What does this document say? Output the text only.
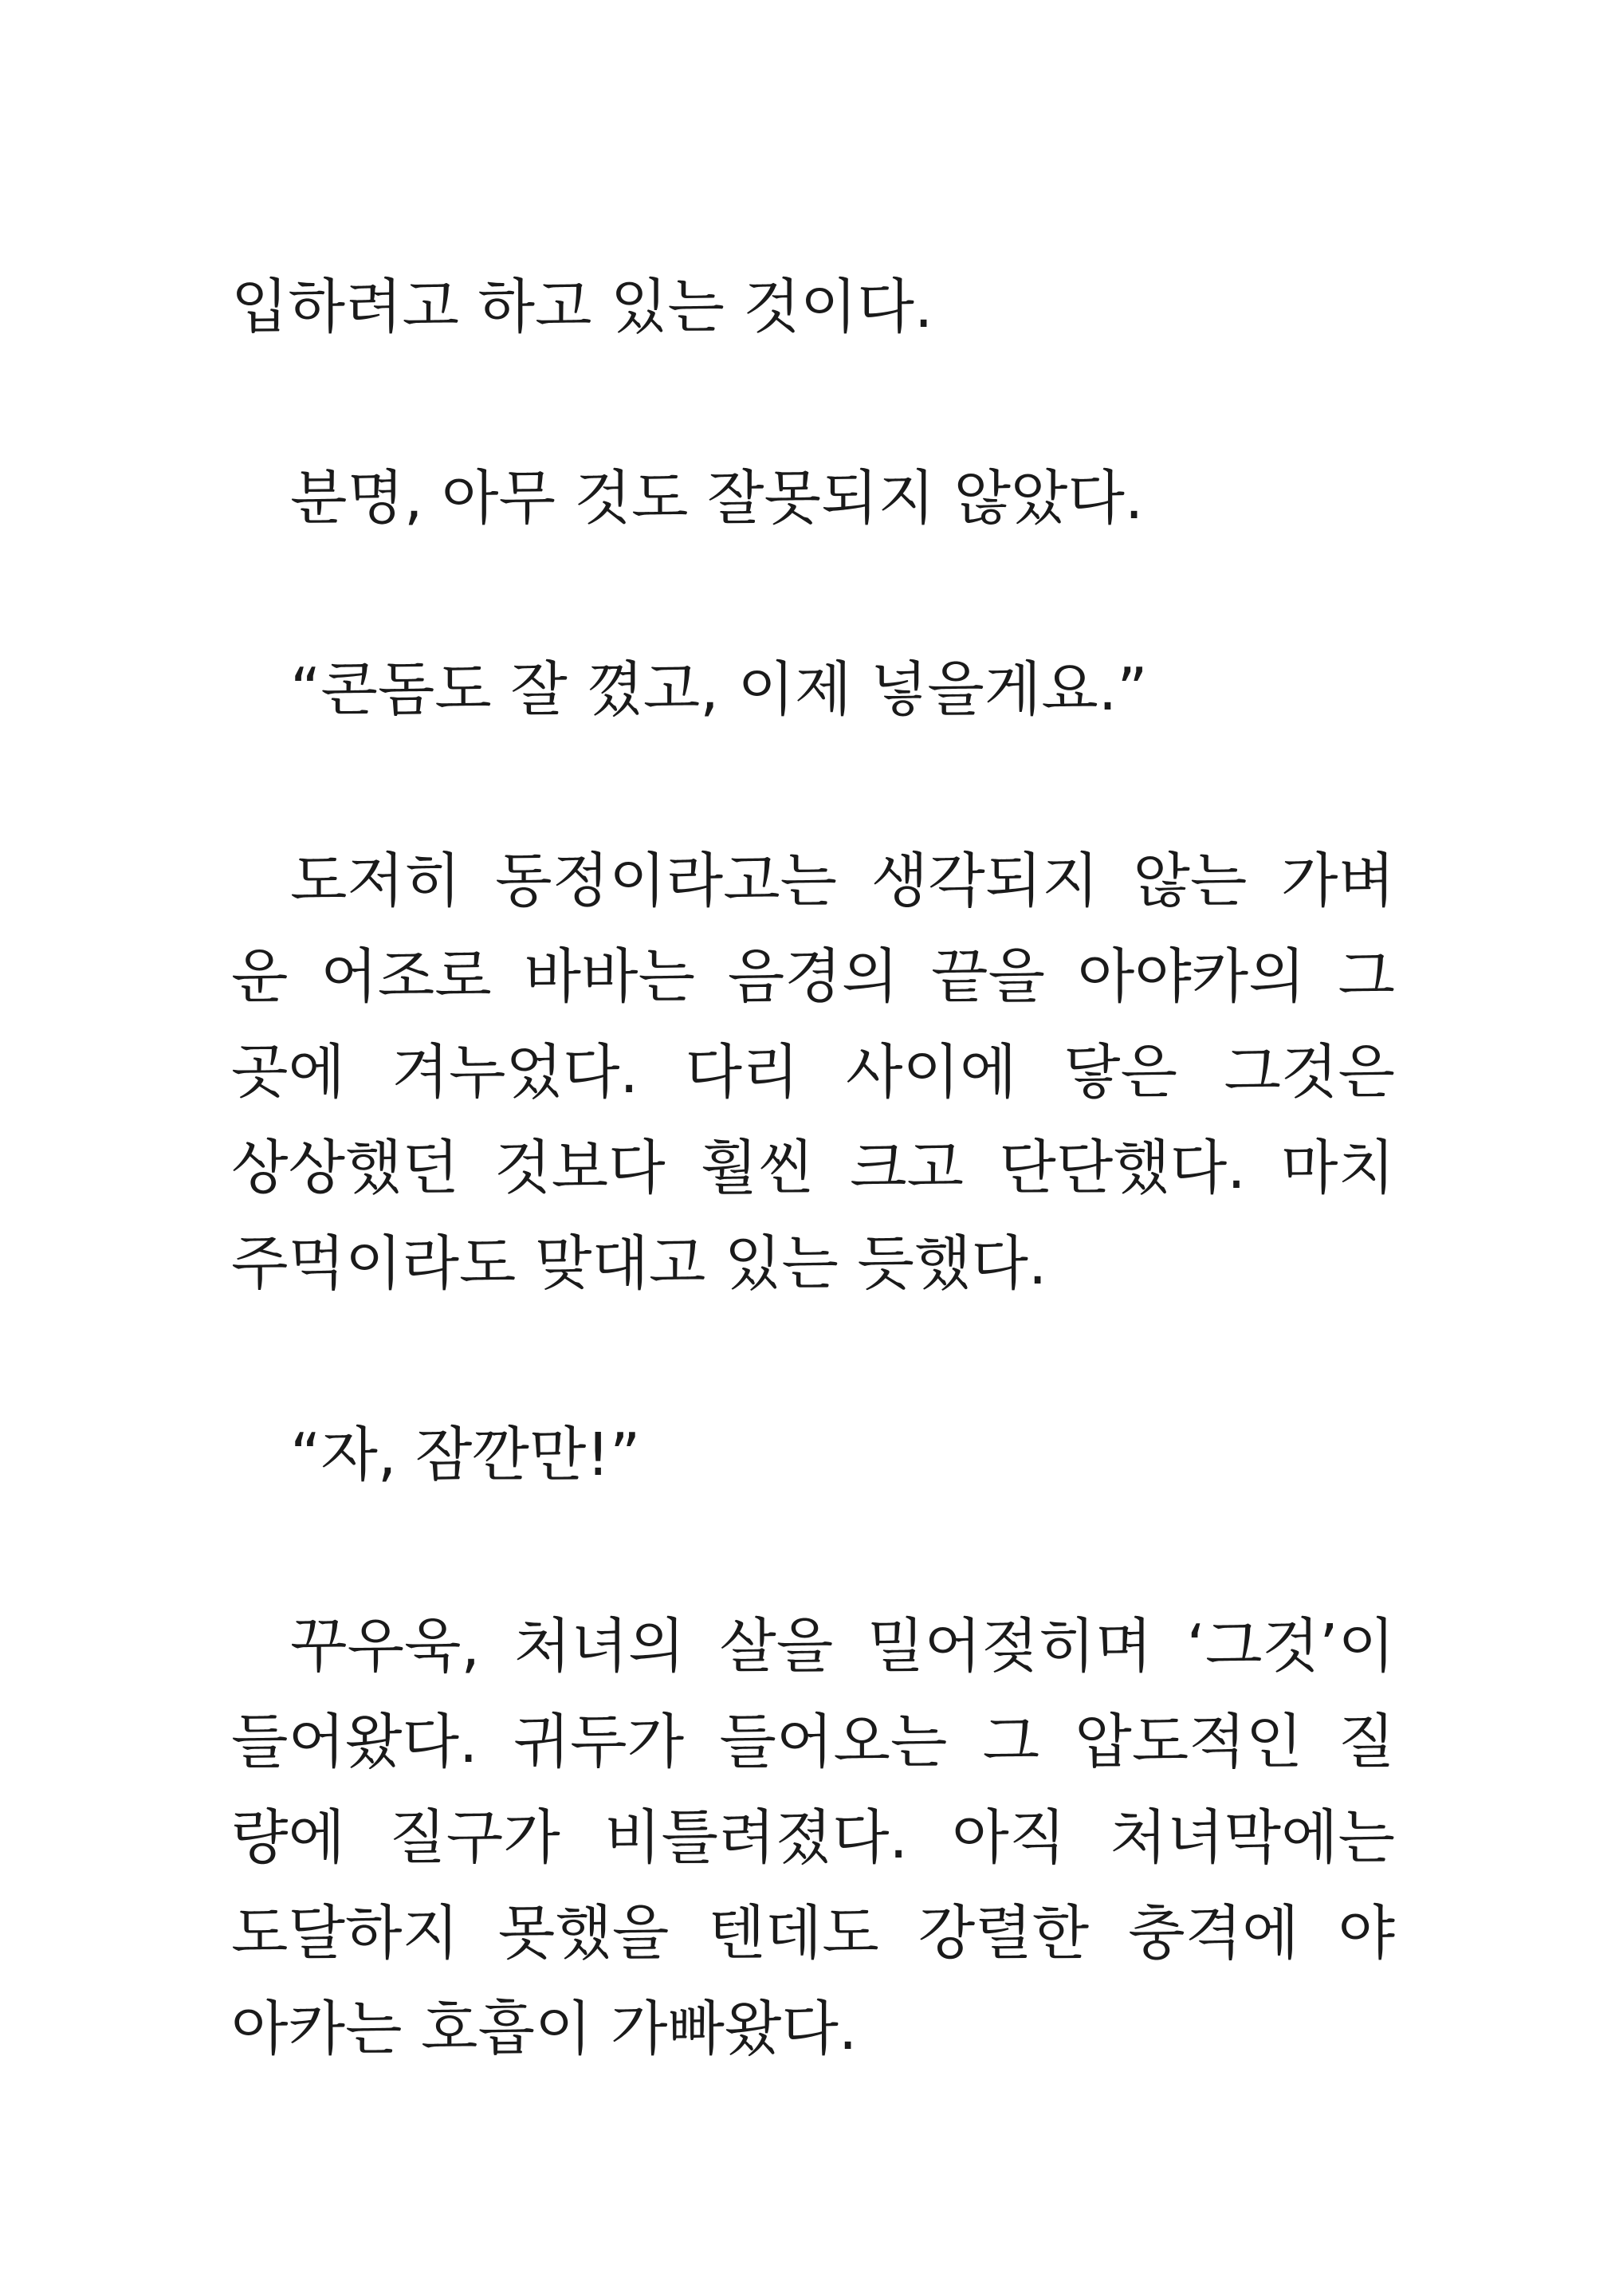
입하려고 하고 있는 것이다.
분명, 아무 것도 잘못되지 않았다.
“콘돔도 잘 꼈고, 이제 넣을게요.”
도저히 동정이라고는 생각되지 않는 가벼
운 어조로 바바는 음경의 끝을 아야카의 그
곳에 겨누었다. 다리 사이에 닿은 그것은
상상했던 것보다 훨씬 크고 단단했다. 마치
주먹이라도 맞대고 있는 듯했다.
“자, 잠깐만!”
꾸우욱, 처녀의 살을 밀어젖히며 ‘그것’이
들어왔다. 귀두가 들어오는 그 압도적인 질
량에 질구가 비틀려졌다. 아직 처녀막에는
도달하지 못했을 텐데도 강렬한 충격에 야
아카는 호흡이 가빠왔다.
